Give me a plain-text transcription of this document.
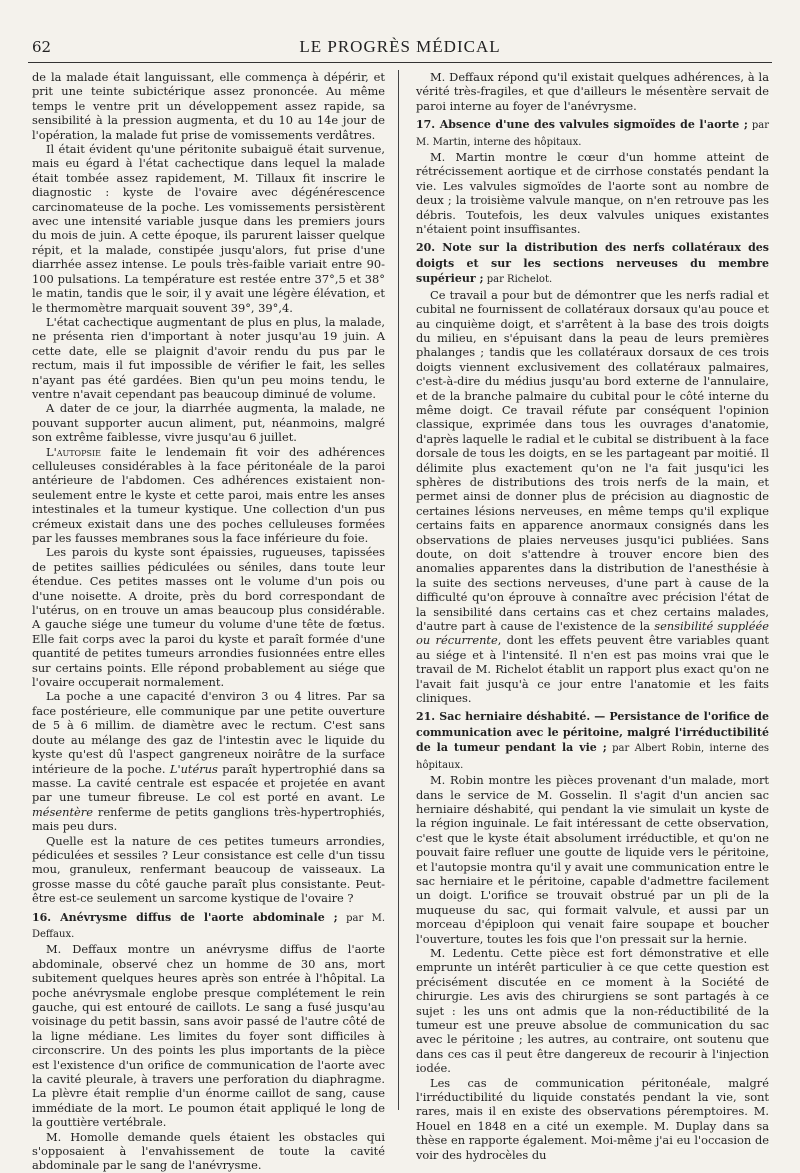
62	LE PROGRÈS MÉDICAL

de la malade était languissant, elle commença à dépérir, et prit une teinte subictérique assez prononcée. Au même temps le ventre prit un développement assez rapide, sa sensibilité à la pression augmenta, et du 10 au 14e jour de l'opération, la malade fut prise de vomissements verdâtres.

Il était évident qu'une péritonite subaiguë était survenue, mais eu égard à l'état cachectique dans lequel la malade était tombée assez rapidement, M. Tillaux fit inscrire le diagnostic : kyste de l'ovaire avec dégénérescence carcinomateuse de la poche. Les vomissements persistèrent avec une intensité variable jusque dans les premiers jours du mois de juin. A cette époque, ils parurent laisser quelque répit, et la malade, constipée jusqu'alors, fut prise d'une diarrhée assez intense. Le pouls très-faible variait entre 90-100 pulsations. La température est restée entre 37°,5 et 38° le matin, tandis que le soir, il y avait une légère élévation, et le thermomètre marquait souvent 39°, 39°,4.

L'état cachectique augmentant de plus en plus, la malade, ne présenta rien d'important à noter jusqu'au 19 juin. A cette date, elle se plaignit d'avoir rendu du pus par le rectum, mais il fut impossible de vérifier le fait, les selles n'ayant pas été gardées. Bien qu'un peu moins tendu, le ventre n'avait cependant pas beaucoup diminué de volume.

A dater de ce jour, la diarrhée augmenta, la malade, ne pouvant supporter aucun aliment, put, néanmoins, malgré son extrême faiblesse, vivre jusqu'au 6 juillet.

L'autopsie faite le lendemain fit voir des adhérences celluleuses considérables à la face péritonéale de la paroi antérieure de l'abdomen. Ces adhérences existaient non-seulement entre le kyste et cette paroi, mais entre les anses intestinales et la tumeur kystique. Une collection d'un pus crémeux existait dans une des poches celluleuses formées par les fausses membranes sous la face inférieure du foie.

Les parois du kyste sont épaissies, rugueuses, tapissées de petites saillies pédiculées ou séniles, dans toute leur étendue. Ces petites masses ont le volume d'un pois ou d'une noisette. A droite, près du bord correspondant de l'utérus, on en trouve un amas beaucoup plus considérable. A gauche siége une tumeur du volume d'une tête de fœtus. Elle fait corps avec la paroi du kyste et paraît formée d'une quantité de petites tumeurs arrondies fusionnées entre elles sur certains points. Elle répond probablement au siége que l'ovaire occuperait normalement.

La poche a une capacité d'environ 3 ou 4 litres. Par sa face postérieure, elle communique par une petite ouverture de 5 à 6 millim. de diamètre avec le rectum. C'est sans doute au mélange des gaz de l'intestin avec le liquide du kyste qu'est dû l'aspect gangreneux noirâtre de la surface intérieure de la poche. L'utérus paraît hypertrophié dans sa masse. La cavité centrale est espacée et projetée en avant par une tumeur fibreuse. Le col est porté en avant. Le mésentère renferme de petits ganglions très-hypertrophiés, mais peu durs.

Quelle est la nature de ces petites tumeurs arrondies, pédiculées et sessiles ? Leur consistance est celle d'un tissu mou, granuleux, renfermant beaucoup de vaisseaux. La grosse masse du côté gauche paraît plus consistante. Peut-être est-ce seulement un sarcome kystique de l'ovaire ?

16. Anévrysme diffus de l'aorte abdominale ; par M. Deffaux.

M. Deffaux montre un anévrysme diffus de l'aorte abdominale, observé chez un homme de 30 ans, mort subitement quelques heures après son entrée à l'hôpital. La poche anévrysmale englobe presque complétement le rein gauche, qui est entouré de caillots. Le sang a fusé jusqu'au voisinage du petit bassin, sans avoir passé de l'autre côté de la ligne médiane. Les limites du foyer sont difficiles à circonscrire. Un des points les plus importants de la pièce est l'existence d'un orifice de communication de l'aorte avec la cavité pleurale, à travers une perforation du diaphragme. La plèvre était remplie d'un énorme caillot de sang, cause immédiate de la mort. Le poumon était appliqué le long de la gouttière vertébrale.

M. Homolle demande quels étaient les obstacles qui s'opposaient à l'envahissement de toute la cavité abdominale par le sang de l'anévrysme.

M. Deffaux répond qu'il existait quelques adhérences, à la vérité très-fragiles, et que d'ailleurs le mésentère servait de paroi interne au foyer de l'anévrysme.

17. Absence d'une des valvules sigmoïdes de l'aorte ; par M. Martin, interne des hôpitaux.

M. Martin montre le cœur d'un homme atteint de rétrécissement aortique et de cirrhose constatés pendant la vie. Les valvules sigmoïdes de l'aorte sont au nombre de deux ; la troisième valvule manque, on n'en retrouve pas les débris. Toutefois, les deux valvules uniques existantes n'étaient point insuffisantes.

20. Note sur la distribution des nerfs collatéraux des doigts et sur les sections nerveuses du membre supérieur ; par Richelot.

Ce travail a pour but de démontrer que les nerfs radial et cubital ne fournissent de collatéraux dorsaux qu'au pouce et au cinquième doigt, et s'arrêtent à la base des trois doigts du milieu, en s'épuisant dans la peau de leurs premières phalanges ; tandis que les collatéraux dorsaux de ces trois doigts viennent exclusivement des collatéraux palmaires, c'est-à-dire du médius jusqu'au bord externe de l'annulaire, et de la branche palmaire du cubital pour le côté interne du même doigt. Ce travail réfute par conséquent l'opinion classique, exprimée dans tous les ouvrages d'anatomie, d'après laquelle le radial et le cubital se distribuent à la face dorsale de tous les doigts, en se les partageant par moitié. Il délimite plus exactement qu'on ne l'a fait jusqu'ici les sphères de distributions des trois nerfs de la main, et permet ainsi de donner plus de précision au diagnostic de certaines lésions nerveuses, en même temps qu'il explique certains faits en apparence anormaux consignés dans les observations de plaies nerveuses jusqu'ici publiées. Sans doute, on doit s'attendre à trouver encore bien des anomalies apparentes dans la distribution de l'anesthésie à la suite des sections nerveuses, d'une part à cause de la difficulté qu'on éprouve à connaître avec précision l'état de la sensibilité dans certains cas et chez certains malades, d'autre part à cause de l'existence de la sensibilité suppléée ou récurrente, dont les effets peuvent être variables quant au siége et à l'intensité. Il n'en est pas moins vrai que le travail de M. Richelot établit un rapport plus exact qu'on ne l'avait fait jusqu'à ce jour entre l'anatomie et les faits cliniques.

21. Sac herniaire déshabité. — Persistance de l'orifice de communication avec le péritoine, malgré l'irréductibilité de la tumeur pendant la vie ; par Albert Robin, interne des hôpitaux.

M. Robin montre les pièces provenant d'un malade, mort dans le service de M. Gosselin. Il s'agit d'un ancien sac herniaire déshabité, qui pendant la vie simulait un kyste de la région inguinale. Le fait intéressant de cette observation, c'est que le kyste était absolument irréductible, et qu'on ne pouvait faire refluer une goutte de liquide vers le péritoine, et l'autopsie montra qu'il y avait une communication entre le sac herniaire et le péritoine, capable d'admettre facilement un doigt. L'orifice se trouvait obstrué par un pli de la muqueuse du sac, qui formait valvule, et aussi par un morceau d'épiploon qui venait faire soupape et boucher l'ouverture, toutes les fois que l'on pressait sur la hernie.

M. Ledentu. Cette pièce est fort démonstrative et elle emprunte un intérêt particulier à ce que cette question est précisément discutée en ce moment à la Société de chirurgie. Les avis des chirurgiens se sont partagés à ce sujet : les uns ont admis que la non-réductibilité de la tumeur est une preuve absolue de communication du sac avec le péritoine ; les autres, au contraire, ont soutenu que dans ces cas il peut être dangereux de recourir à l'injection iodée.

Les cas de communication péritonéale, malgré l'irréductibilité du liquide constatés pendant la vie, sont rares, mais il en existe des observations péremptoires. M. Houel en 1848 en a cité un exemple. M. Duplay dans sa thèse en rapporte également. Moi-même j'ai eu l'occasion de voir des hydrocèles du
